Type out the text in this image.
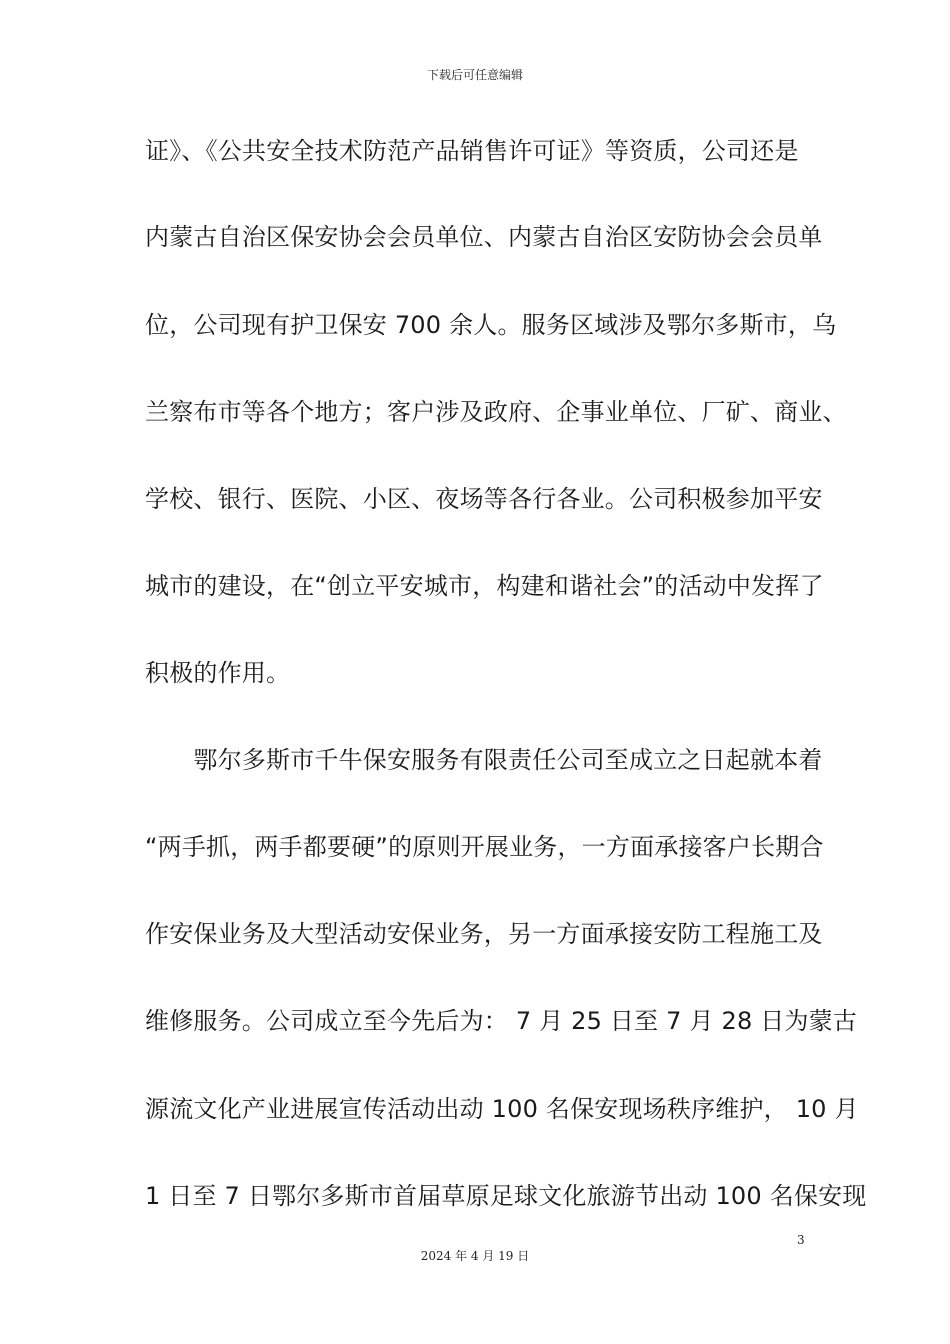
下载后可任意编辑
证》、《公共安全技术防范产品销售许可证》等资质，公司还是
内蒙古自治区保安协会会员单位、内蒙古自治区安防协会会员单
位，公司现有护卫保安 700 余人。服务区域涉及鄂尔多斯市，乌
兰察布市等各个地方；客户涉及政府、企事业单位、厂矿、商业、
学校、银行、医院、小区、夜场等各行各业。公司积极参加平安
城市的建设，在“创立平安城市，构建和谐社会”的活动中发挥了
积极的作用。
　　鄂尔多斯市千牛保安服务有限责任公司至成立之日起就本着
“两手抓，两手都要硬”的原则开展业务，一方面承接客户长期合
作安保业务及大型活动安保业务，另一方面承接安防工程施工及
维修服务。公司成立至今先后为： 7 月 25 日至 7 月 28 日为蒙古
源流文化产业进展宣传活动出动 100 名保安现场秩序维护， 10 月
1 日至 7 日鄂尔多斯市首届草原足球文化旅游节出动 100 名保安现
3
2024 年 4 月 19 日
